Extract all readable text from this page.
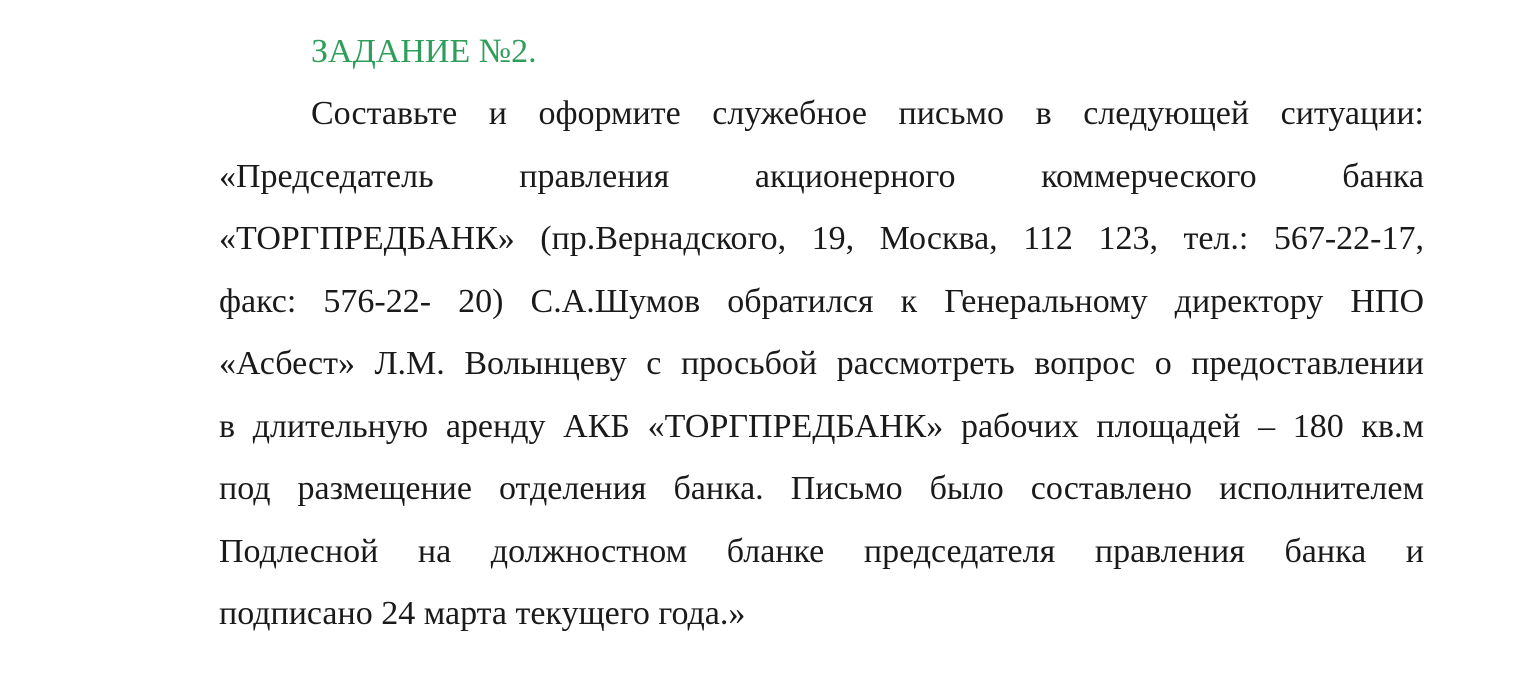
ЗАДАНИЕ №2.
Составьте и оформите служебное письмо в следующей ситуации:
«Председатель правления акционерного коммерческого банка
«ТОРГПРЕДБАНК» (пр.Вернадского, 19, Москва, 112 123, тел.: 567-22-17,
факс: 576-22- 20) С.А.Шумов обратился к Генеральному директору НПО
«Асбест» Л.М. Волынцеву с просьбой рассмотреть вопрос о предоставлении
в длительную аренду АКБ «ТОРГПРЕДБАНК» рабочих площадей – 180 кв.м
под размещение отделения банка. Письмо было составлено исполнителем
Подлесной на должностном бланке председателя правления банка и
подписано 24 марта текущего года.»
